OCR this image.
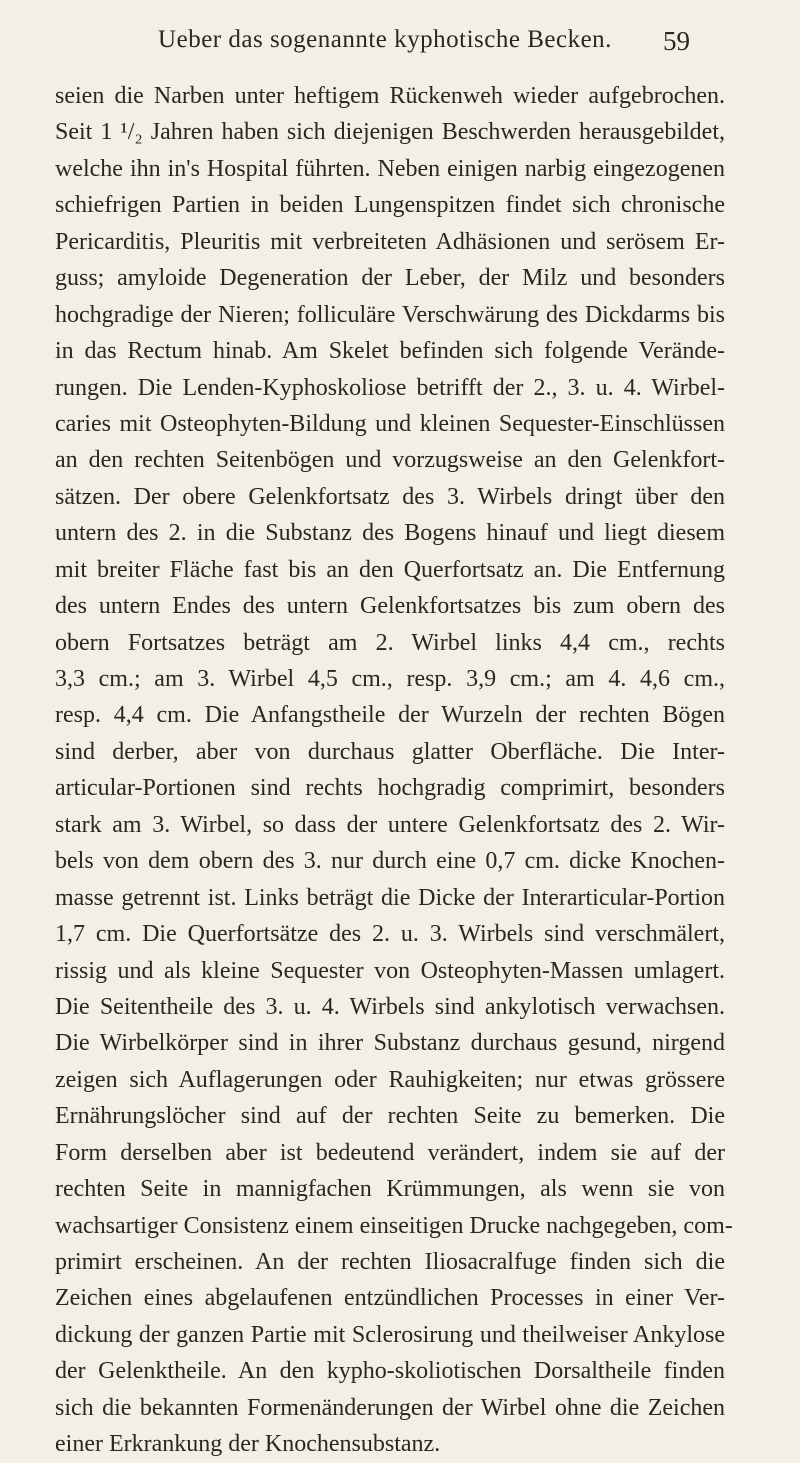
Ueber das sogenannte kyphotische Becken. 59
seien die Narben unter heftigem Rückenweh wieder aufgebrochen.
Seit 1 ¹/₂ Jahren haben sich diejenigen Beschwerden herausgebildet,
welche ihn in's Hospital führten. Neben einigen narbig eingezogenen
schiefrigen Partien in beiden Lungenspitzen findet sich chronische
Pericarditis, Pleuritis mit verbreiteten Adhäsionen und serösem Er-
guss; amyloide Degeneration der Leber, der Milz und besonders
hochgradige der Nieren; folliculäre Verschwärung des Dickdarms bis
in das Rectum hinab. Am Skelet befinden sich folgende Verände-
rungen. Die Lenden-Kyphoskoliose betrifft der 2., 3. u. 4. Wirbel-
caries mit Osteophyten-Bildung und kleinen Sequester-Einschlüssen
an den rechten Seitenbögen und vorzugsweise an den Gelenkfort-
sätzen. Der obere Gelenkfortsatz des 3. Wirbels dringt über den
untern des 2. in die Substanz des Bogens hinauf und liegt diesem
mit breiter Fläche fast bis an den Querfortsatz an. Die Entfernung
des untern Endes des untern Gelenkfortsatzes bis zum obern des
obern Fortsatzes beträgt am 2. Wirbel links 4,4 cm., rechts
3,3 cm.; am 3. Wirbel 4,5 cm., resp. 3,9 cm.; am 4. 4,6 cm.,
resp. 4,4 cm. Die Anfangstheile der Wurzeln der rechten Bögen
sind derber, aber von durchaus glatter Oberfläche. Die Inter-
articular-Portionen sind rechts hochgradig comprimirt, besonders
stark am 3. Wirbel, so dass der untere Gelenkfortsatz des 2. Wir-
bels von dem obern des 3. nur durch eine 0,7 cm. dicke Knochen-
masse getrennt ist. Links beträgt die Dicke der Interarticular-Portion
1,7 cm. Die Querfortsätze des 2. u. 3. Wirbels sind verschmälert,
rissig und als kleine Sequester von Osteophyten-Massen umlagert.
Die Seitentheile des 3. u. 4. Wirbels sind ankylotisch verwachsen.
Die Wirbelkörper sind in ihrer Substanz durchaus gesund, nirgend
zeigen sich Auflagerungen oder Rauhigkeiten; nur etwas grössere
Ernährungslöcher sind auf der rechten Seite zu bemerken. Die
Form derselben aber ist bedeutend verändert, indem sie auf der
rechten Seite in mannigfachen Krümmungen, als wenn sie von
wachsartiger Consistenz einem einseitigen Drucke nachgegeben, com-
primirt erscheinen. An der rechten Iliosacralfuge finden sich die
Zeichen eines abgelaufenen entzündlichen Processes in einer Ver-
dickung der ganzen Partie mit Sclerosirung und theilweiser Ankylose
der Gelenktheile. An den kypho-skoliotischen Dorsaltheile finden
sich die bekannten Formenänderungen der Wirbel ohne die Zeichen
einer Erkrankung der Knochensubstanz.
